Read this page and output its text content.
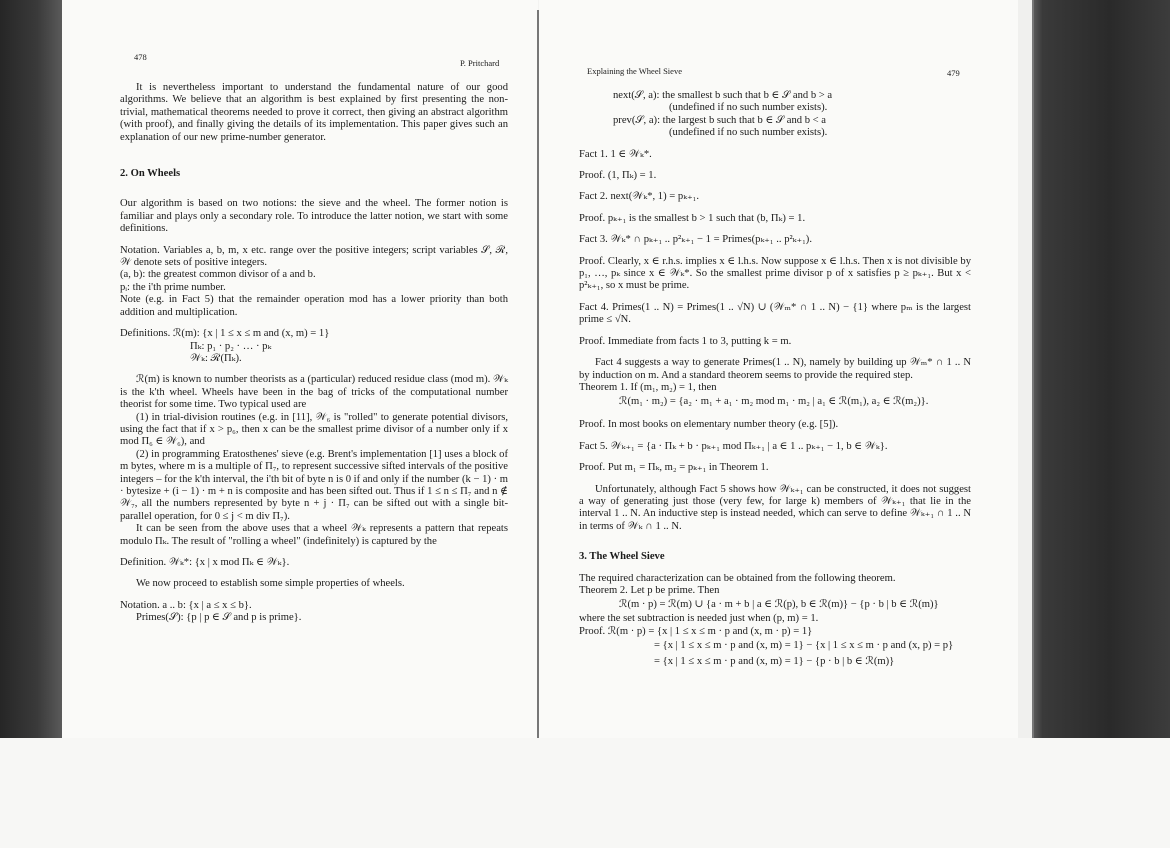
478
P. Pritchard

It is nevertheless important to understand the fundamental nature of our good algorithms. We believe that an algorithm is best explained by first presenting the non-trivial, mathematical theorems needed to prove it correct, then giving an abstract algorithm (with proof), and finally giving the details of its implementation. This paper gives such an explanation of our new prime-number generator.

2. On Wheels

Our algorithm is based on two notions: the sieve and the wheel. The former notion is familiar and plays only a secondary role. To introduce the latter notion, we start with some definitions.

Notation. Variables a, b, m, x etc. range over the positive integers; script variables 𝒮, ℛ, 𝒲 denote sets of positive integers.

(a, b): the greatest common divisor of a and b.

pᵢ: the i'th prime number.

Note (e.g. in Fact 5) that the remainder operation mod has a lower priority than both addition and multiplication.

Definitions. ℛ(m): {x | 1 ≤ x ≤ m and (x, m) = 1}

Πₖ: p₁ · p₂ · … · pₖ
𝒲ₖ: ℛ(Πₖ).

ℛ(m) is known to number theorists as a (particular) reduced residue class (mod m). 𝒲ₖ is the k'th wheel. Wheels have been in the bag of tricks of the computational number theorist for some time. Two typical used are

(1) in trial-division routines (e.g. in [11], 𝒲₆ is "rolled" to generate potential divisors, using the fact that if x > p₆, then x can be the smallest prime divisor of a number only if x mod Π₆ ∈ 𝒲₆), and

(2) in programming Eratosthenes' sieve (e.g. Brent's implementation [1] uses a block of m bytes, where m is a multiple of Π₇, to represent successive sifted intervals of the positive integers – for the k'th interval, the i'th bit of byte n is 0 if and only if the number (k − 1) · m · bytesize + (i − 1) · m + n is composite and has been sifted out. Thus if 1 ≤ n ≤ Π₇ and n ∉ 𝒲₇, all the numbers represented by byte n + j · Π₇ can be sifted out with a single bit-parallel operation, for 0 ≤ j < m div Π₇).

It can be seen from the above uses that a wheel 𝒲ₖ represents a pattern that repeats modulo Πₖ. The result of "rolling a wheel" (indefinitely) is captured by the

Definition. 𝒲ₖ*: {x | x mod Πₖ ∈ 𝒲ₖ}.

We now proceed to establish some simple properties of wheels.

Notation. a .. b: {x | a ≤ x ≤ b}.

Primes(𝒮): {p | p ∈ 𝒮 and p is prime}.

Explaining the Wheel Sieve	479

next(𝒮, a): the smallest b such that b ∈ 𝒮 and b > a

(undefined if no such number exists).

prev(𝒮, a): the largest b such that b ∈ 𝒮 and b < a

(undefined if no such number exists).

Fact 1. 1 ∈ 𝒲ₖ*.

Proof. (1, Πₖ) = 1.

Fact 2. next(𝒲ₖ*, 1) = pₖ₊₁.

Proof. pₖ₊₁ is the smallest b > 1 such that (b, Πₖ) = 1.

Fact 3. 𝒲ₖ* ∩ pₖ₊₁ .. p²ₖ₊₁ − 1 = Primes(pₖ₊₁ .. p²ₖ₊₁).

Proof. Clearly, x ∈ r.h.s. implies x ∈ l.h.s. Now suppose x ∈ l.h.s. Then x is not divisible by p₁, …, pₖ since x ∈ 𝒲ₖ*. So the smallest prime divisor p of x satisfies p ≥ pₖ₊₁. But x < p²ₖ₊₁, so x must be prime.

Fact 4. Primes(1 .. N) = Primes(1 .. √N) ∪ (𝒲ₘ* ∩ 1 .. N) − {1} where pₘ is the largest prime ≤ √N.

Proof. Immediate from facts 1 to 3, putting k = m.

Fact 4 suggests a way to generate Primes(1 .. N), namely by building up 𝒲ₘ* ∩ 1 .. N by induction on m. And a standard theorem seems to provide the required step.

Theorem 1. If (m₁, m₂) = 1, then

ℛ(m₁ · m₂) = {a₂ · m₁ + a₁ · m₂ mod m₁ · m₂ | a₁ ∈ ℛ(m₁), a₂ ∈ ℛ(m₂)}.

Proof. In most books on elementary number theory (e.g. [5]).

Fact 5. 𝒲ₖ₊₁ = {a · Πₖ + b · pₖ₊₁ mod Πₖ₊₁ | a ∈ 1 .. pₖ₊₁ − 1, b ∈ 𝒲ₖ}.

Proof. Put m₁ = Πₖ, m₂ = pₖ₊₁ in Theorem 1.

Unfortunately, although Fact 5 shows how 𝒲ₖ₊₁ can be constructed, it does not suggest a way of generating just those (very few, for large k) members of 𝒲ₖ₊₁ that lie in the interval 1 .. N. An inductive step is instead needed, which can serve to define 𝒲ₖ₊₁ ∩ 1 .. N in terms of 𝒲ₖ ∩ 1 .. N.

3. The Wheel Sieve

The required characterization can be obtained from the following theorem.

Theorem 2. Let p be prime. Then

ℛ(m · p) = ℛ(m) ∪ {a · m + b | a ∈ ℛ(p), b ∈ ℛ(m)} − {p · b | b ∈ ℛ(m)}

where the set subtraction is needed just when (p, m) = 1.

Proof. ℛ(m · p) = {x | 1 ≤ x ≤ m · p and (x, m · p) = 1}

= {x | 1 ≤ x ≤ m · p and (x, m) = 1} − {x | 1 ≤ x ≤ m · p and (x, p) = p}
= {x | 1 ≤ x ≤ m · p and (x, m) = 1} − {p · b | b ∈ ℛ(m)}
